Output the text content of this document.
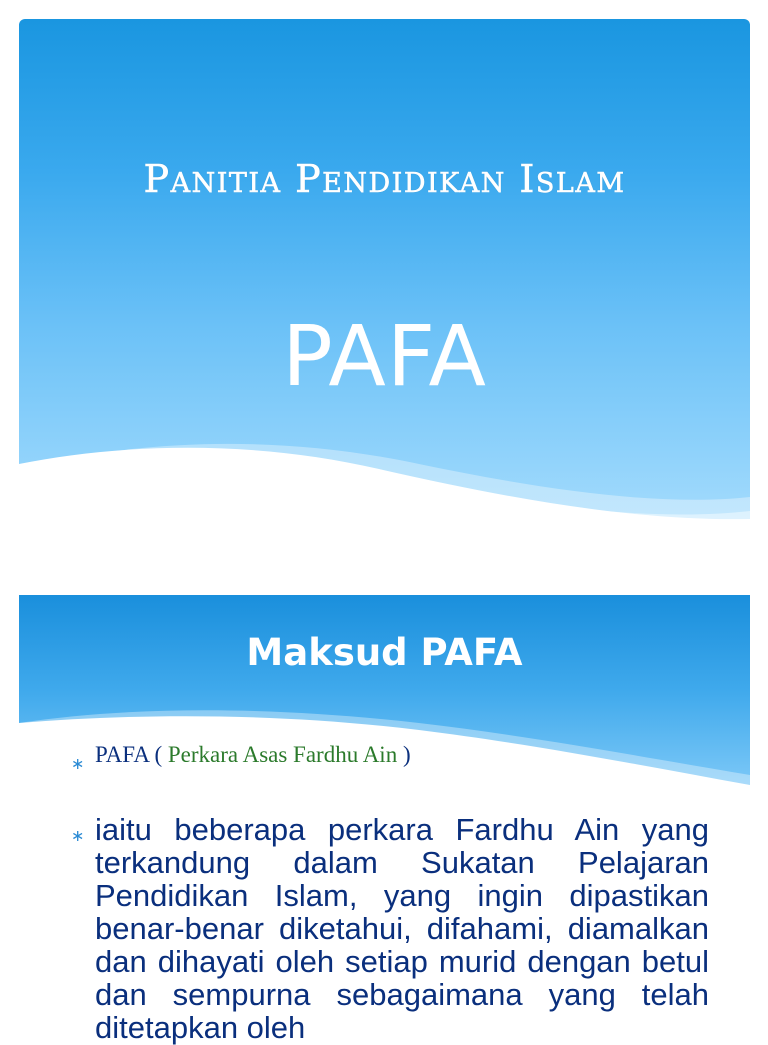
Panitia Pendidikan Islam
PAFA
Maksud PAFA
∗ PAFA ( Perkara Asas Fardhu Ain )
∗ iaitu beberapa perkara Fardhu Ain yang terkandung dalam Sukatan Pelajaran Pendidikan Islam, yang ingin dipastikan benar-benar diketahui, difahami, diamalkan dan dihayati oleh setiap murid dengan betul dan sempurna sebagaimana yang telah ditetapkan oleh
